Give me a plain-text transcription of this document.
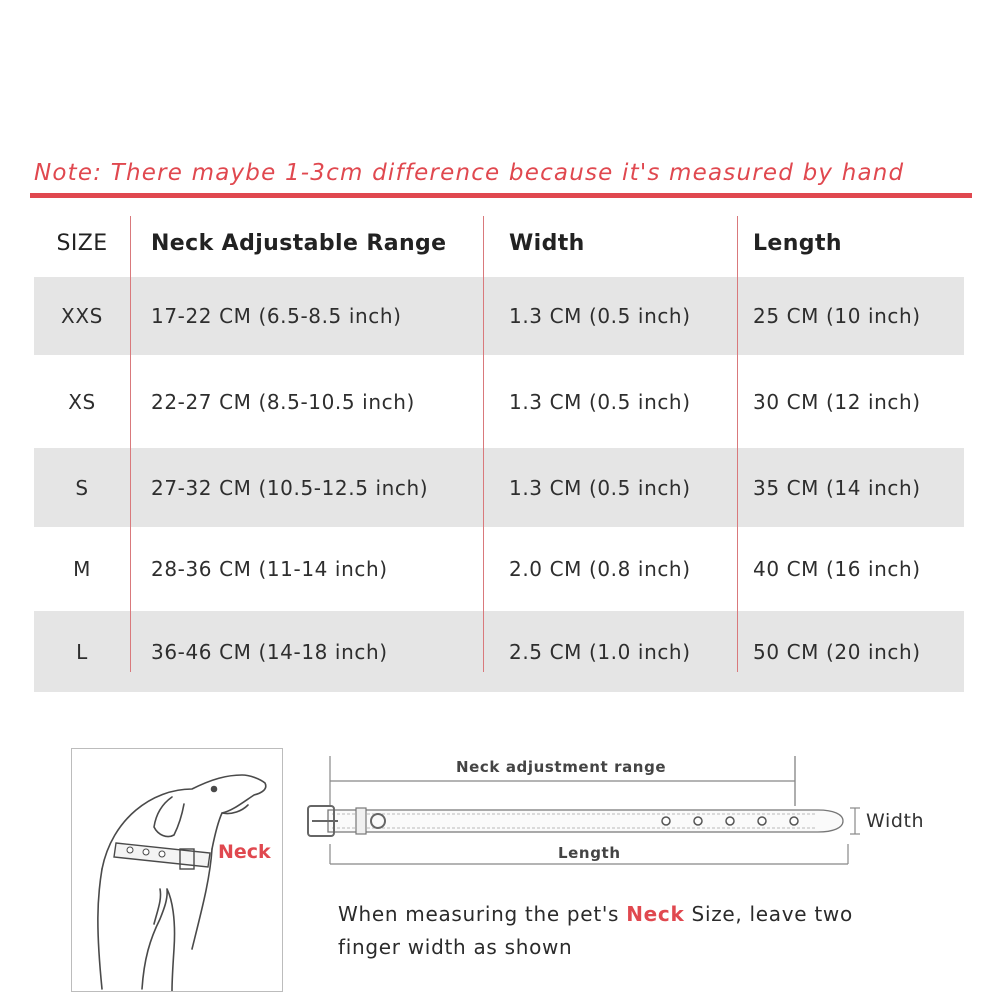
Note: There maybe 1-3cm difference because it's measured by hand
SIZE	Neck Adjustable Range	Width	Length
XXS	17-22 CM (6.5-8.5 inch)	1.3 CM (0.5 inch)	25 CM (10 inch)
XS	22-27 CM (8.5-10.5 inch)	1.3 CM (0.5 inch)	30 CM (12 inch)
S	27-32 CM (10.5-12.5 inch)	1.3 CM (0.5 inch)	35 CM (14 inch)
M	28-36 CM (11-14 inch)	2.0 CM (0.8 inch)	40 CM (16 inch)
L	36-46 CM (14-18 inch)	2.5 CM (1.0 inch)	50 CM (20 inch)
Neck
Neck adjustment range
Length
Width
When measuring the pet's Neck Size, leave two finger width as shown
